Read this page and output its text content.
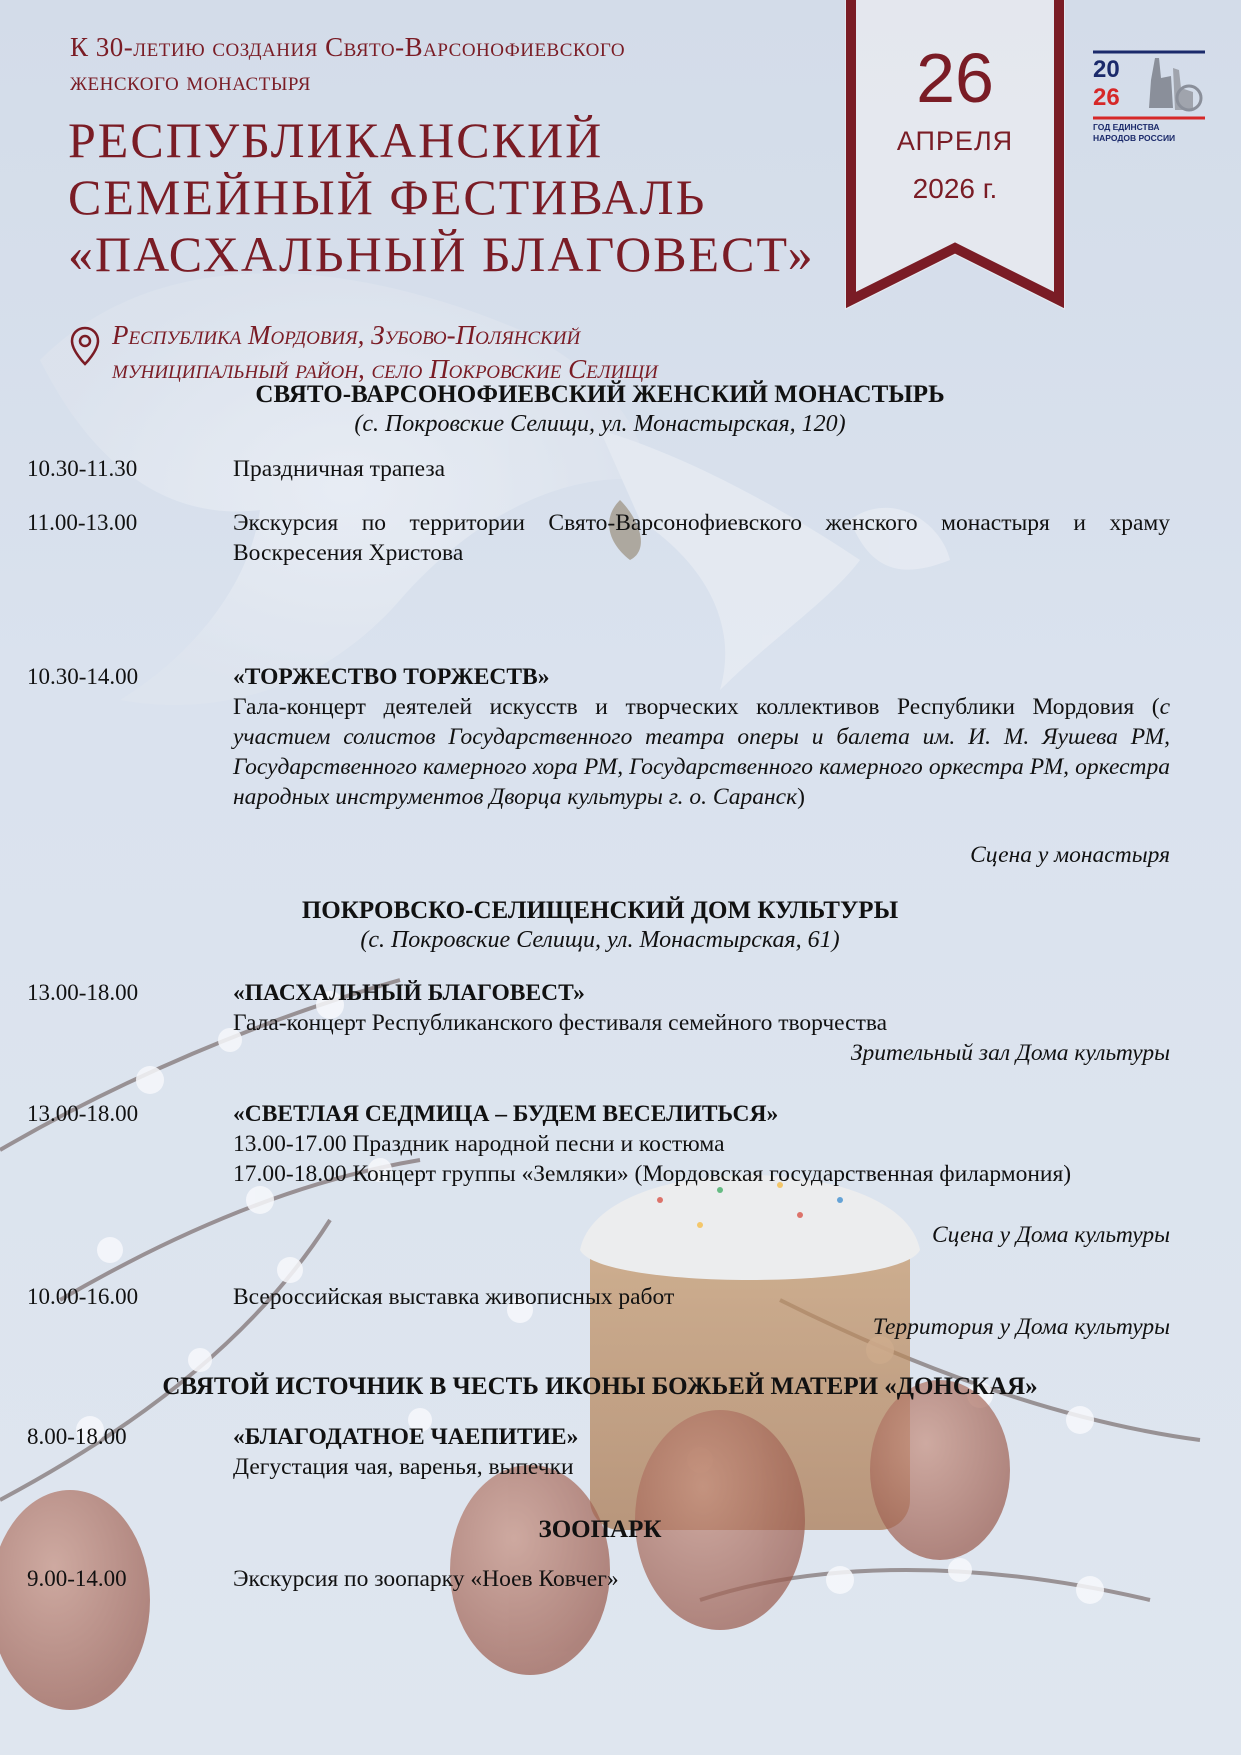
К 30-летию создания Свято-Варсонофиевского
женского монастыря
РЕСПУБЛИКАНСКИЙ
СЕМЕЙНЫЙ ФЕСТИВАЛЬ
«ПАСХАЛЬНЫЙ БЛАГОВЕСТ»
Республика Мордовия, Зубово-Полянский
муниципальный район, село Покровские Селищи
26
АПРЕЛЯ
2026 г.
20
26
ГОД ЕДИНСТВА НАРОДОВ РОССИИ
СВЯТО-ВАРСОНОФИЕВСКИЙ ЖЕНСКИЙ МОНАСТЫРЬ
(с. Покровские Селищи, ул. Монастырская, 120)
10.30-11.30	Праздничная трапеза
11.00-13.00	Экскурсия по территории Свято-Варсонофиевского женского монастыря и храму Воскресения Христова
10.30-14.00	«ТОРЖЕСТВО ТОРЖЕСТВ»
Гала-концерт деятелей искусств и творческих коллективов Республики Мордовия (с участием солистов Государственного театра оперы и балета им. И. М. Яушева РМ, Государственного камерного хора РМ, Государственного камерного оркестра РМ, оркестра народных инструментов Дворца культуры г. о. Саранск)
Сцена у монастыря
ПОКРОВСКО-СЕЛИЩЕНСКИЙ ДОМ КУЛЬТУРЫ
(с. Покровские Селищи, ул. Монастырская, 61)
13.00-18.00	«ПАСХАЛЬНЫЙ БЛАГОВЕСТ»
Гала-концерт Республиканского фестиваля семейного творчества
Зрительный зал Дома культуры
13.00-18.00	«СВЕТЛАЯ СЕДМИЦА – БУДЕМ ВЕСЕЛИТЬСЯ»
13.00-17.00 Праздник народной песни и костюма
17.00-18.00 Концерт группы «Земляки» (Мордовская государственная филармония)
Сцена у Дома культуры
10.00-16.00	Всероссийская выставка живописных работ
Территория у Дома культуры
СВЯТОЙ ИСТОЧНИК В ЧЕСТЬ ИКОНЫ БОЖЬЕЙ МАТЕРИ «ДОНСКАЯ»
8.00-18.00	«БЛАГОДАТНОЕ ЧАЕПИТИЕ»
Дегустация чая, варенья, выпечки
ЗООПАРК
9.00-14.00	Экскурсия по зоопарку «Ноев Ковчег»
